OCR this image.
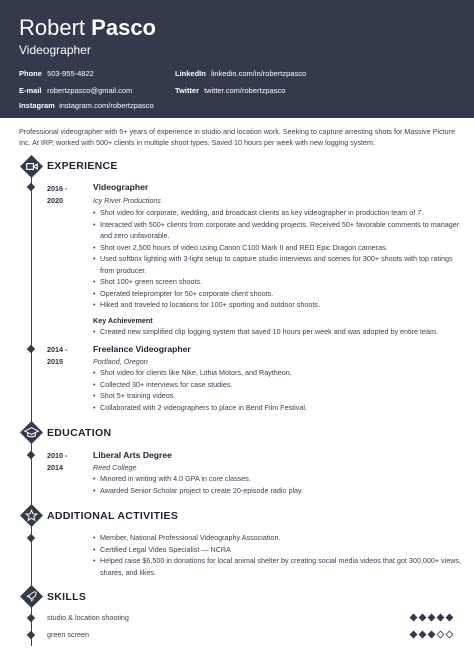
Robert Pasco
Videographer
Phone 503-955-4822
E-mail robertzpasco@gmail.com
Instagram instagram.com/robertzpasco
LinkedIn linkedin.com/in/robertzpasco
Twitter twitter.com/robertzpasco
Professional videographer with 5+ years of experience in studio and location work. Seeking to capture arresting shots for Massive Picture Inc. At IRP, worked with 500+ clients in multiple shoot types. Saved 10 hours per week with new logging system.
EXPERIENCE
2016 -
2020
Videographer
Icy River Productions
• Shot video for corporate, wedding, and broadcast clients as key videographer in production team of 7.
• Interacted with 500+ clients from corporate and wedding projects. Received 50+ favorable comments to manager and zero unfavorable.
• Shot over 2,500 hours of video using Canon C100 Mark II and RED Epic Dragon cameras.
• Used softbox lighting with 3-light setup to capture studio interviews and scenes for 300+ shoots with top ratings from producer.
• Shot 100+ green screen shoots.
• Operated teleprompter for 50+ corporate client shoots.
• Hiked and traveled to locations for 100+ sporting and outdoor shoots.
Key Achievement
• Created new simplified clip logging system that saved 10 hours per week and was adopted by entire team.
2014 -
2015
Freelance Videographer
Portland, Oregon
• Shot video for clients like Nike, Lithia Motors, and Raytheon.
• Collected 30+ interviews for case studies.
• Shot 5+ training videos.
• Collaborated with 2 videographers to place in Bend Film Festival.
EDUCATION
2010 -
2014
Liberal Arts Degree
Reed College
• Minored in writing with 4.0 GPA in core classes.
• Awarded Senior Scholar project to create 20-episode radio play.
ADDITIONAL ACTIVITIES
• Member, National Professional Videography Association.
• Certified Legal Video Specialist — NCRA
• Helped raise $6,500 in donations for local animal shelter by creating social media videos that got 300,000+ views, shares, and likes.
SKILLS
studio & location shooting
green screen
